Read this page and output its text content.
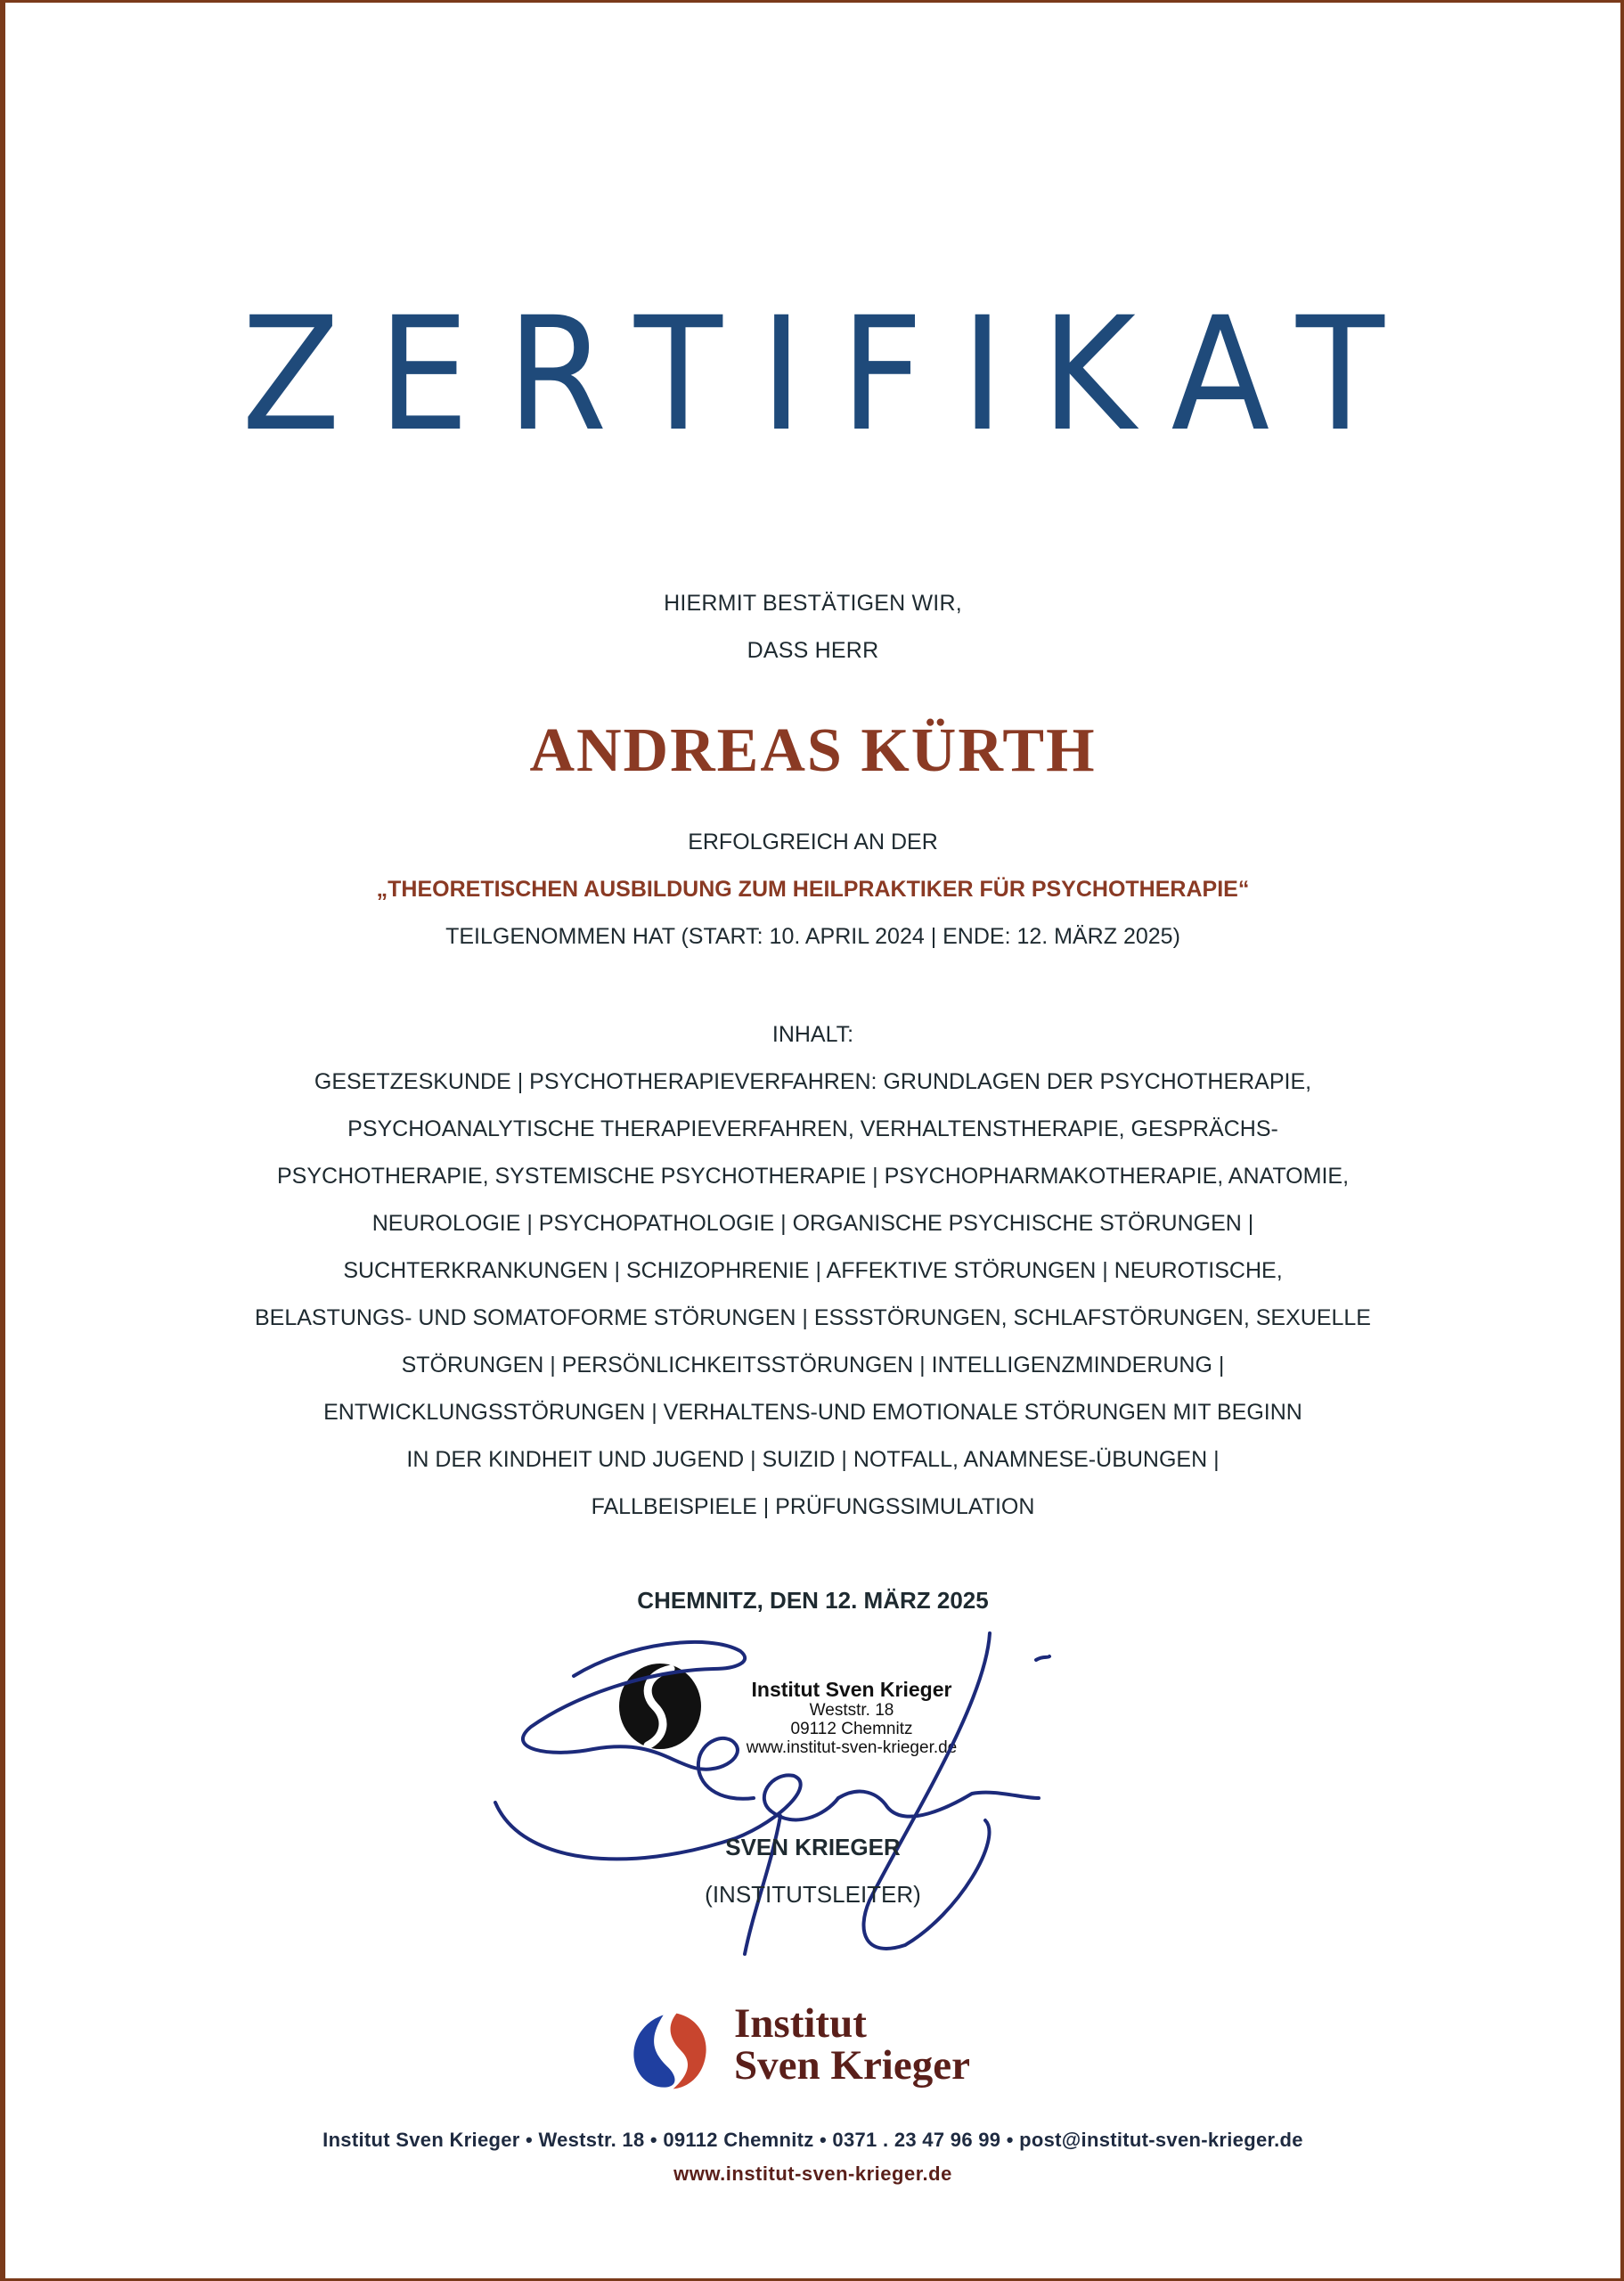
ZERTIFIKAT
HIERMIT BESTÄTIGEN WIR,
DASS HERR
ANDREAS KÜRTH
ERFOLGREICH AN DER
„THEORETISCHEN AUSBILDUNG ZUM HEILPRAKTIKER FÜR PSYCHOTHERAPIE“
TEILGENOMMEN HAT (START: 10. APRIL 2024 | ENDE: 12. MÄRZ 2025)
INHALT:
GESETZESKUNDE | PSYCHOTHERAPIEVERFAHREN: GRUNDLAGEN DER PSYCHOTHERAPIE,
PSYCHOANALYTISCHE THERAPIEVERFAHREN, VERHALTENSTHERAPIE, GESPRÄCHS-
PSYCHOTHERAPIE, SYSTEMISCHE PSYCHOTHERAPIE | PSYCHOPHARMAKOTHERAPIE, ANATOMIE,
NEUROLOGIE | PSYCHOPATHOLOGIE | ORGANISCHE PSYCHISCHE STÖRUNGEN |
SUCHTERKRANKUNGEN | SCHIZOPHRENIE | AFFEKTIVE STÖRUNGEN | NEUROTISCHE,
BELASTUNGS- UND SOMATOFORME STÖRUNGEN | ESSSTÖRUNGEN, SCHLAFSTÖRUNGEN, SEXUELLE
STÖRUNGEN | PERSÖNLICHKEITSSTÖRUNGEN | INTELLIGENZMINDERUNG |
ENTWICKLUNGSSTÖRUNGEN | VERHALTENS-UND EMOTIONALE STÖRUNGEN MIT BEGINN
IN DER KINDHEIT UND JUGEND | SUIZID | NOTFALL, ANAMNESE-ÜBUNGEN |
FALLBEISPIELE | PRÜFUNGSSIMULATION
CHEMNITZ, DEN 12. MÄRZ 2025
Institut Sven Krieger
Weststr. 18
09112 Chemnitz
www.institut-sven-krieger.de
SVEN KRIEGER
(INSTITUTSLEITER)
Institut
Sven Krieger
Institut Sven Krieger • Weststr. 18 • 09112 Chemnitz • 0371 . 23 47 96 99 • post@institut-sven-krieger.de
www.institut-sven-krieger.de
